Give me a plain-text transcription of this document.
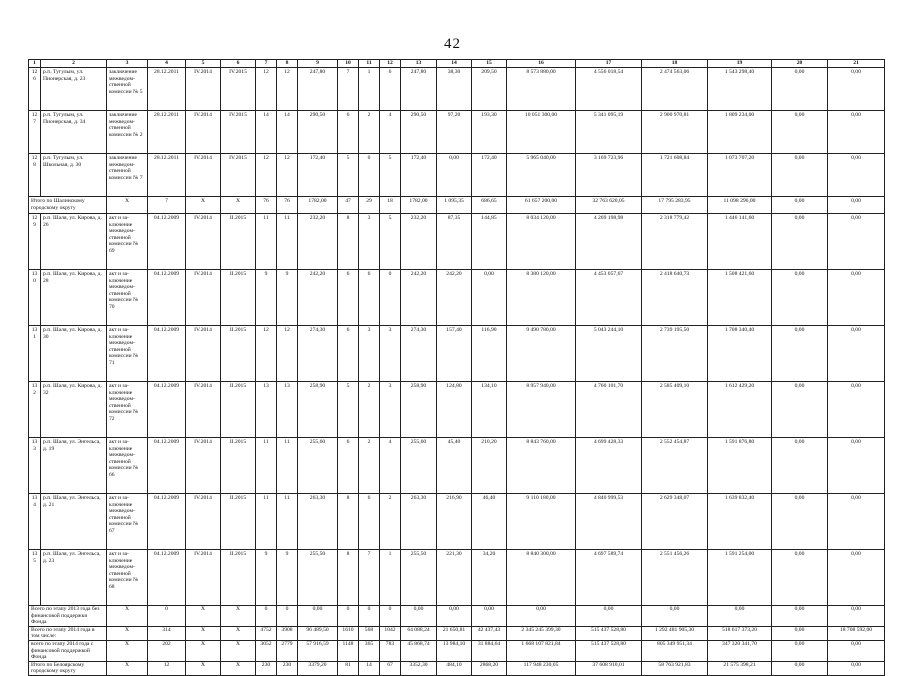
42
1	2	3	4	5	6	7	8	9	10	11	12	13	14	15	16	17	18	19	20	21
126	р.п. Тугулым, ул. Пионерская, д. 23	заключение межведом-ственной комиссии № 5	28.12.2011	IV.2014	IV.2015	12	12	247,80	7	1	6	247,80	38,30	209,50	8 573 880,00	4 556 018,54	2 474 563,06	1 543 298,40	0,00	0,00
127	р.п. Тугулым, ул. Пионерская, д. 34	заключение межведом-ственной комиссии № 2	28.12.2011	IV.2014	IV.2015	14	14	290,50	6	2	4	290,50	97,20	193,30	10 051 300,00	5 341 095,19	2 900 970,81	1 809 234,00	0,00	0,00
128	р.п. Тугулым, ул. Школьная, д. 30	заключение межведом-ственной комиссии № 7	28.12.2011	IV.2014	IV.2015	12	12	172,40	5	0	5	172,40	0,00	172,40	5 965 040,00	3 169 723,96	1 721 608,84	1 073 707,20	0,00	0,00
Итого по Шалинскому городскому округу		X	7	X	X	76	76	1782,00	47	29	18	1782,00	1 095,35	686,65	61 657 200,00	32 763 620,05	17 795 283,95	11 098 296,00	0,00	0,00
129	р.п. Шаля, ул. Кирова, д. 26	акт и за-ключение межведом-ственной комиссии № 69	04.12.2009	IV.2014	II.2015	11	11	232,20	8	3	5	232,20	87,35	144,85	8 034 120,00	4 269 198,98	2 318 779,42	1 446 141,60	0,00	0,00
130	р.п. Шаля, ул. Кирова, д. 28	акт и за-ключение межведом-ственной комиссии № 70	04.12.2009	IV.2014	II.2015	9	9	242,20	6	6	0	242,20	242,20	0,00	8 380 120,00	4 453 057,67	2 418 640,73	1 508 421,60	0,00	0,00
131	р.п. Шаля, ул. Кирова, д. 30	акт и за-ключение межведом-ственной комиссии № 71	04.12.2009	IV.2014	II.2015	12	12	274,30	6	3	3	274,30	157,40	116,90	9 490 780,00	5 043 244,10	2 739 195,50	1 708 340,40	0,00	0,00
132	р.п. Шаля, ул. Кирова, д. 32	акт и за-ключение межведом-ственной комиссии № 72	04.12.2009	IV.2014	II.2015	13	13	258,90	5	2	3	258,90	124,80	134,10	8 957 940,00	4 760 101,70	2 585 409,10	1 612 429,20	0,00	0,00
133	р.п. Шаля, ул. Энгельса, д. 19	акт и за-ключение межведом-ственной комиссии № 66	04.12.2009	IV.2014	II.2015	11	11	255,60	6	2	4	255,60	45,40	210,20	8 843 760,00	4 699 428,33	2 552 454,87	1 591 876,80	0,00	0,00
134	р.п. Шаля, ул. Энгельса, д. 21	акт и за-ключение межведом-ственной комиссии № 67	04.12.2009	IV.2014	II.2015	11	11	263,30	8	6	2	263,30	216,90	46,40	9 110 180,00	4 840 999,53	2 629 348,07	1 639 832,40	0,00	0,00
135	р.п. Шаля, ул. Энгельса, д. 23	акт и за-ключение межведом-ственной комиссии № 68	04.12.2009	IV.2014	II.2015	9	9	255,50	8	7	1	255,50	221,30	34,20	8 840 300,00	4 697 589,74	2 551 456,26	1 591 254,00	0,00	0,00
Всего по этапу 2013 года без финансовой поддержки Фонда		X	0	X	X	0	0	0,00	0	0	0	0,00	0,00	0,00	0,00	0,00	0,00	0,00	0,00	0,00
Всего по этапу 2014 года в том числе:		X	314	X	X	4752	3908	96 489,50	1610	568	1042	64 088,24	21 650,81	42 437,43	2 345 245 399,30	515 437 528,80	1 292 481 905,30	518 617 373,20	0,00	18 708 592,00
всего по этапу 2014 года с финансовой поддержкой Фонда		X	202	X	X	3052	2779	57 916,59	1148	365	783	45 868,74	13 984,10	31 884,64	1 668 107 821,84	515 437 528,80	805 349 951,34	347 320 341,70	0,00	0,00
Итого по Белоярскому городскому округу		X	12	X	X	230	230	3379,20	81	14	67	3352,30	484,10	2868,20	117 948 230,05	37 608 910,01	58 763 921,83	21 575 398,21	0,00	0,00
